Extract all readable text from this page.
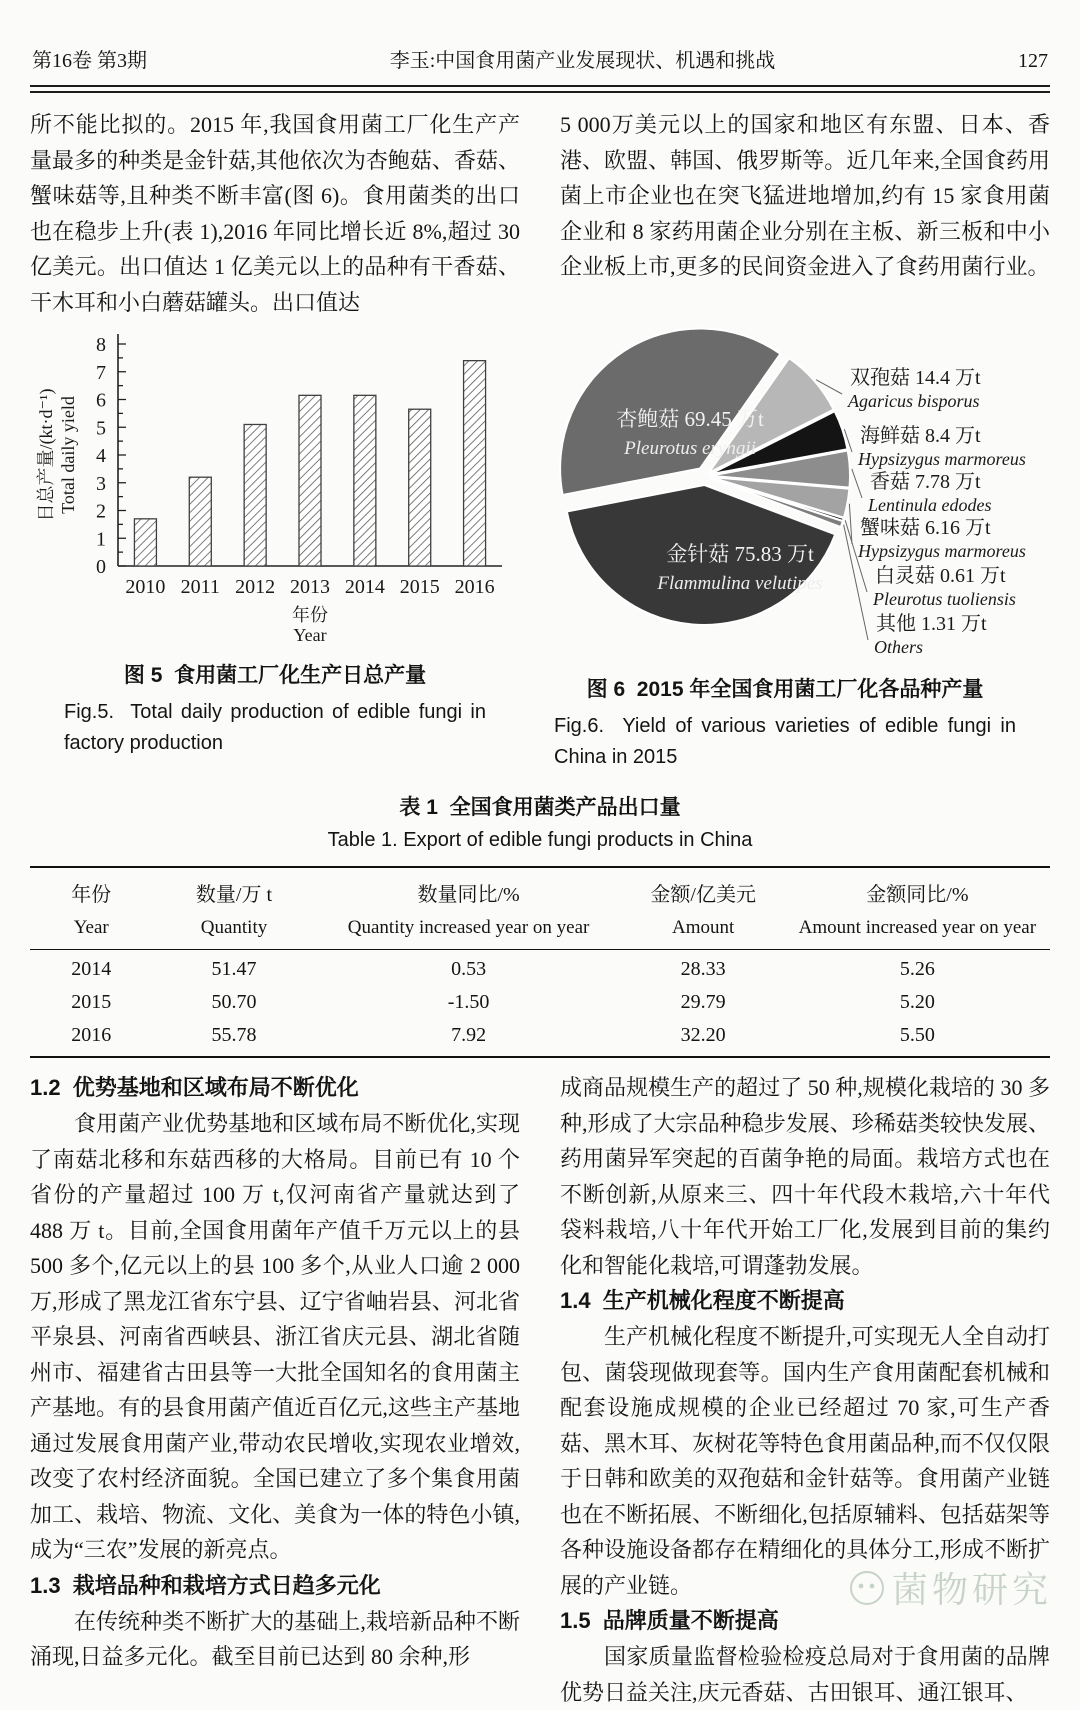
第16卷 第3期	李玉:中国食用菌产业发展现状、机遇和挑战	127
所不能比拟的。2015 年,我国食用菌工厂化生产产量最多的种类是金针菇,其他依次为杏鲍菇、香菇、蟹味菇等,且种类不断丰富(图 6)。食用菌类的出口也在稳步上升(表 1),2016 年同比增长近 8%,超过 30 亿美元。出口值达 1 亿美元以上的品种有干香菇、干木耳和小白蘑菇罐头。出口值达
5 000万美元以上的国家和地区有东盟、日本、香港、欧盟、韩国、俄罗斯等。近几年来,全国食药用菌上市企业也在突飞猛进地增加,约有 15 家食用菌企业和 8 家药用菌企业分别在主板、新三板和中小企业板上市,更多的民间资金进入了食药用菌行业。
0
1
2
3
4
5
6
7
8
2010 2011 2012 2013 2014 2015 2016
年份
Year
日总产量/(kt·d⁻¹) Total daily yield
图 5  食用菌工厂化生产日总产量
Fig.5.  Total daily production of edible fungi in factory production
杏鲍菇 69.45 万t
Pleurotus eryngii
金针菇 75.83 万t
Flammulina velutipes
双孢菇 14.4 万t
Agaricus bisporus
海鲜菇 8.4 万t
Hypsizygus marmoreus
香菇 7.78 万t
Lentinula edodes
蟹味菇 6.16 万t
Hypsizygus marmoreus
白灵菇 0.61 万t
Pleurotus tuoliensis
其他 1.31 万t
Others
图 6  2015 年全国食用菌工厂化各品种产量
Fig.6.  Yield of various varieties of edible fungi in China in 2015
表 1  全国食用菌类产品出口量
Table 1. Export of edible fungi products in China
年份	数量/万 t	数量同比/%	金额/亿美元	金额同比/%
Year	Quantity	Quantity increased year on year	Amount	Amount increased year on year
2014	51.47	0.53	28.33	5.26
2015	50.70	-1.50	29.79	5.20
2016	55.78	7.92	32.20	5.50
1.2  优势基地和区域布局不断优化
食用菌产业优势基地和区域布局不断优化,实现了南菇北移和东菇西移的大格局。目前已有 10 个省份的产量超过 100 万 t,仅河南省产量就达到了 488 万 t。目前,全国食用菌年产值千万元以上的县 500 多个,亿元以上的县 100 多个,从业人口逾 2 000 万,形成了黑龙江省东宁县、辽宁省岫岩县、河北省平泉县、河南省西峡县、浙江省庆元县、湖北省随州市、福建省古田县等一大批全国知名的食用菌主产基地。有的县食用菌产值近百亿元,这些主产基地通过发展食用菌产业,带动农民增收,实现农业增效,改变了农村经济面貌。全国已建立了多个集食用菌加工、栽培、物流、文化、美食为一体的特色小镇,成为“三农”发展的新亮点。
1.3  栽培品种和栽培方式日趋多元化
在传统种类不断扩大的基础上,栽培新品种不断涌现,日益多元化。截至目前已达到 80 余种,形
成商品规模生产的超过了 50 种,规模化栽培的 30 多种,形成了大宗品种稳步发展、珍稀菇类较快发展、药用菌异军突起的百菌争艳的局面。栽培方式也在不断创新,从原来三、四十年代段木栽培,六十年代袋料栽培,八十年代开始工厂化,发展到目前的集约化和智能化栽培,可谓蓬勃发展。
1.4  生产机械化程度不断提高
生产机械化程度不断提升,可实现无人全自动打包、菌袋现做现套等。国内生产食用菌配套机械和配套设施成规模的企业已经超过 70 家,可生产香菇、黑木耳、灰树花等特色食用菌品种,而不仅仅限于日韩和欧美的双孢菇和金针菇等。食用菌产业链也在不断拓展、不断细化,包括原辅料、包括菇架等各种设施设备都存在精细化的具体分工,形成不断扩展的产业链。
1.5  品牌质量不断提高
国家质量监督检验检疫总局对于食用菌的品牌优势日益关注,庆元香菇、古田银耳、通江银耳、
菌物研究
